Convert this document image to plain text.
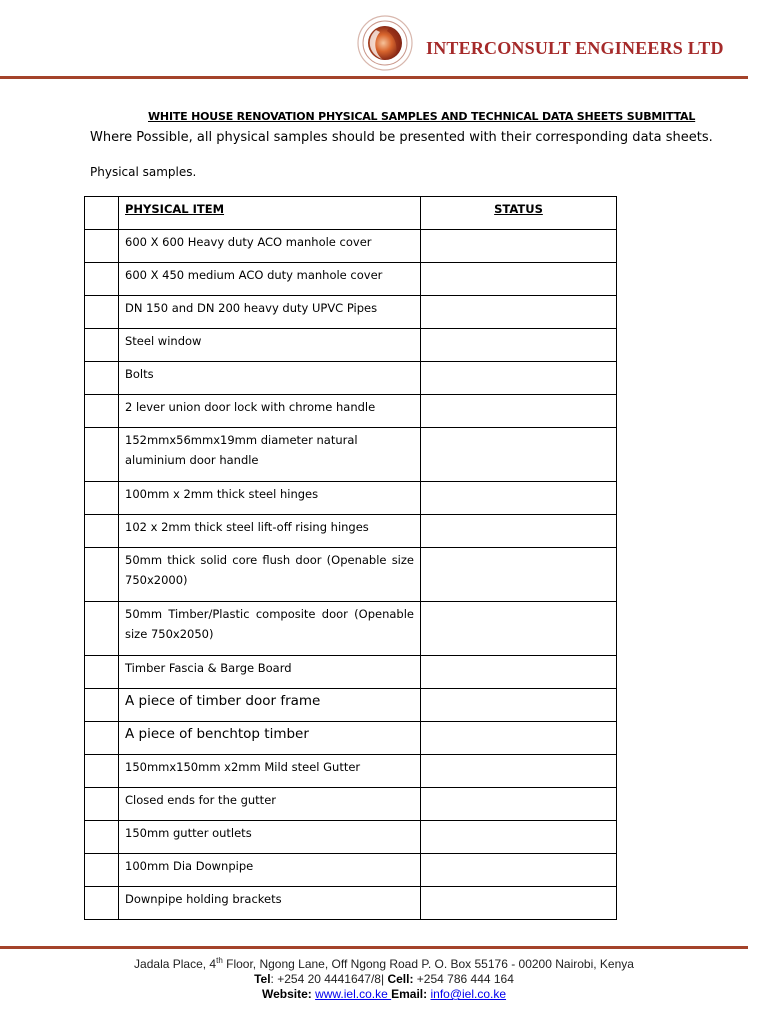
INTERCONSULT ENGINEERS LTD
WHITE HOUSE RENOVATION PHYSICAL SAMPLES AND TECHNICAL DATA SHEETS SUBMITTAL
Where Possible, all physical samples should be presented with their corresponding data sheets.
Physical samples.
	PHYSICAL ITEM	STATUS
	600 X 600 Heavy duty ACO manhole cover	
	600 X 450 medium ACO duty manhole cover	
	DN 150 and DN 200 heavy duty UPVC Pipes	
	Steel window	
	Bolts	
	2 lever union door lock with chrome handle	
	152mmx56mmx19mm diameter natural aluminium door handle	
	100mm x 2mm thick steel hinges	
	102 x 2mm thick steel lift-off rising hinges	
	50mm thick solid core flush door (Openable size 750x2000)	
	50mm Timber/Plastic composite door (Openable size 750x2050)	
	Timber Fascia & Barge Board	
	A piece of timber door frame	
	A piece of benchtop timber	
	150mmx150mm x2mm Mild steel Gutter	
	Closed ends for the gutter	
	150mm gutter outlets	
	100mm Dia Downpipe	
	Downpipe holding brackets	
Jadala Place, 4th Floor, Ngong Lane, Off Ngong Road P. O. Box 55176 - 00200 Nairobi, Kenya
Tel: +254 20 4441647/8| Cell: +254 786 444 164
Website: www.iel.co.ke Email: info@iel.co.ke
